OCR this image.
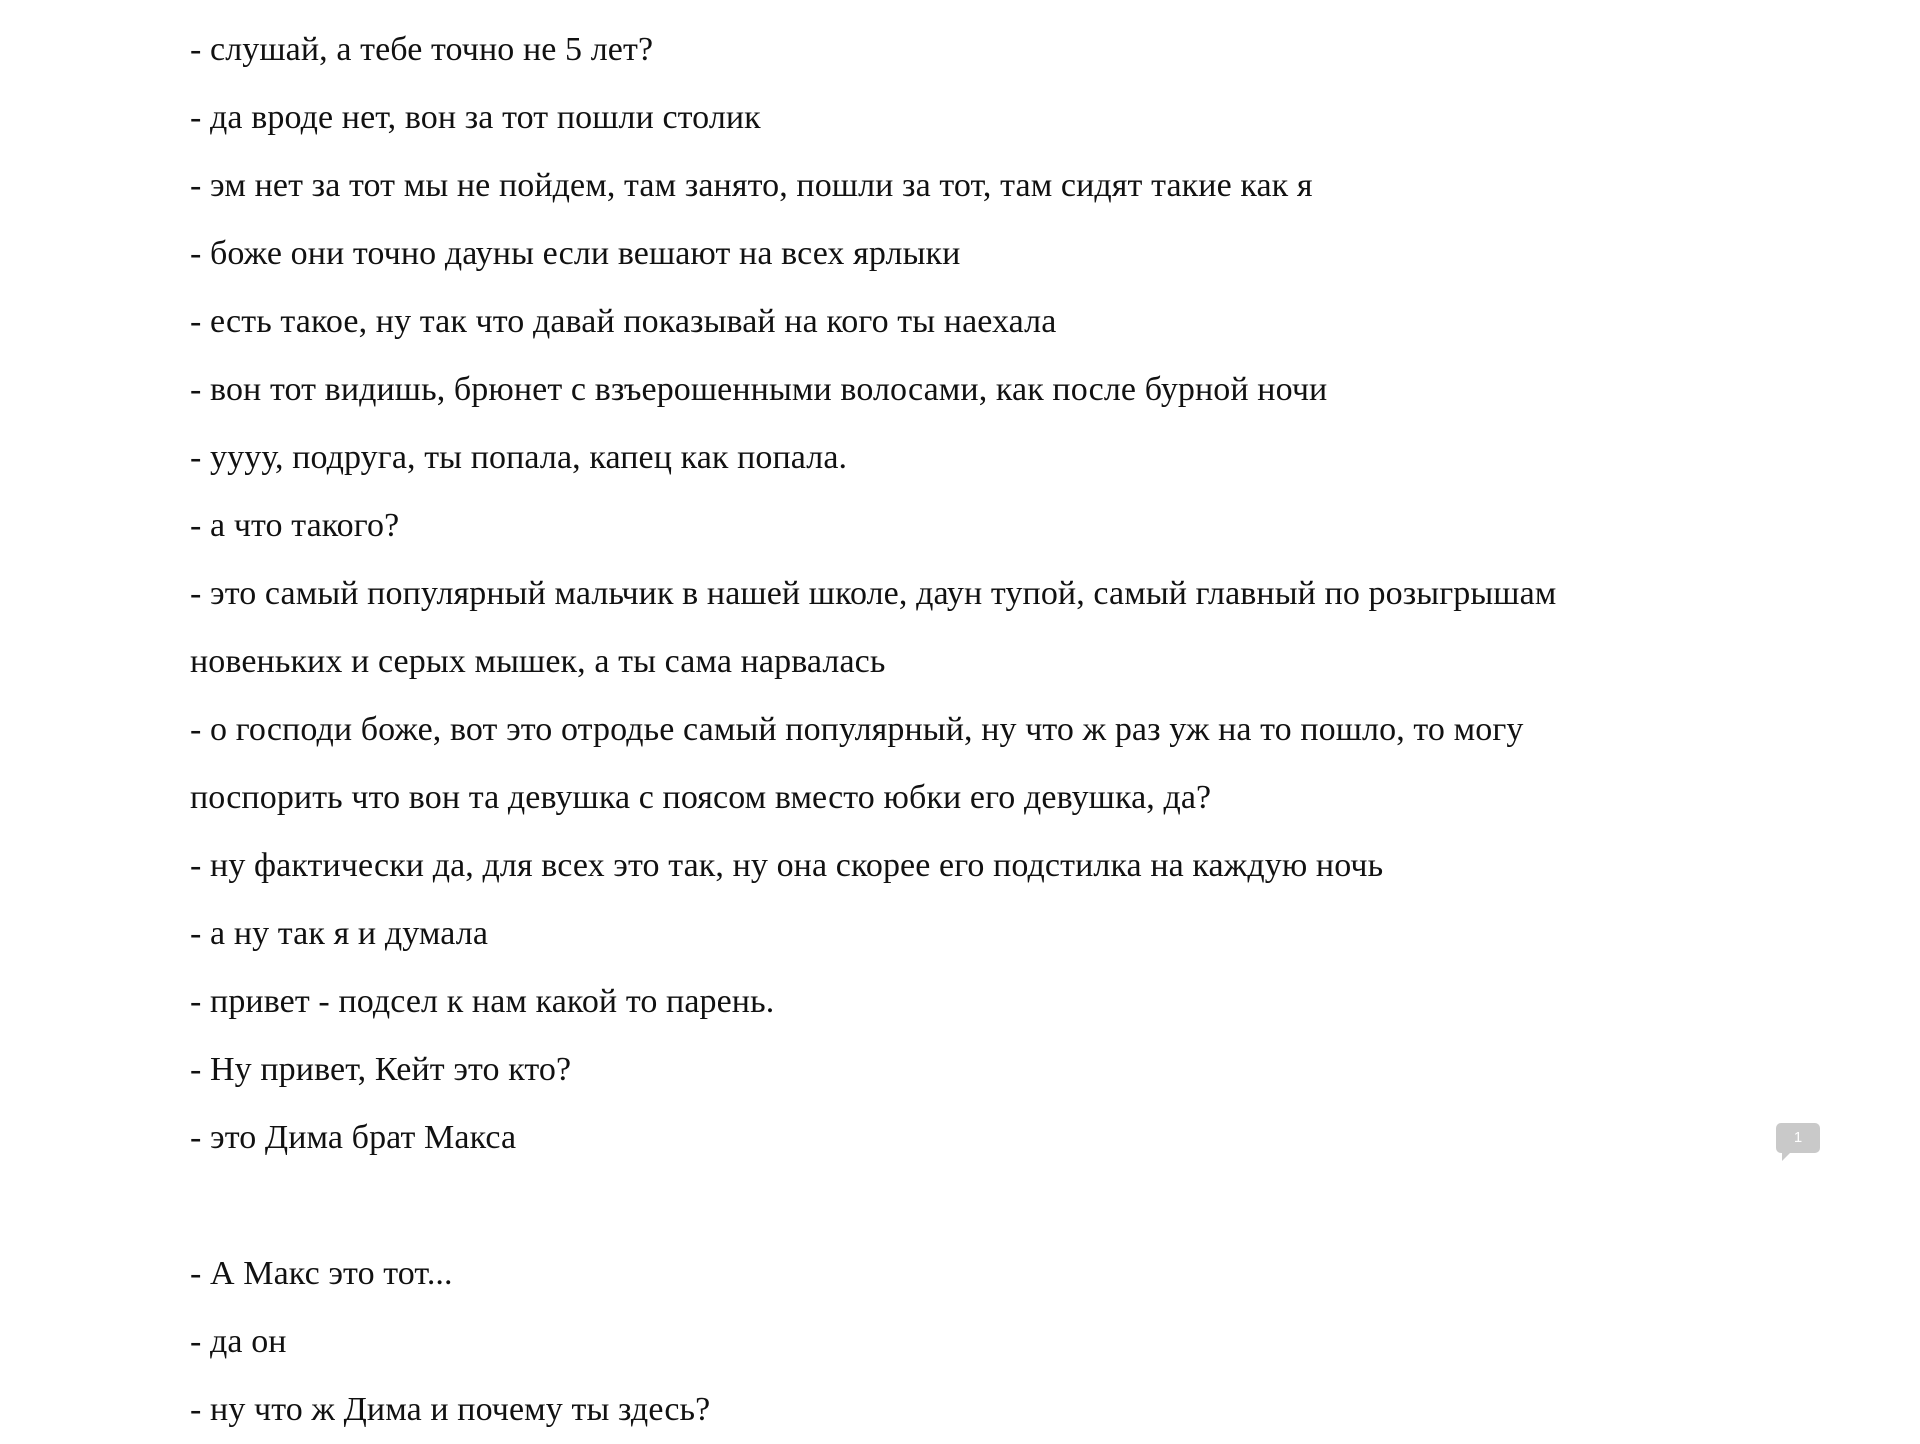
- слушай, а тебе точно не 5 лет?
- да вроде нет, вон за тот пошли столик
- эм нет за тот мы не пойдем, там занято, пошли за тот, там сидят такие как я
- боже они точно дауны если вешают на всех ярлыки
- есть такое, ну так что давай показывай на кого ты наехала
- вон тот видишь, брюнет с взъерошенными волосами, как после бурной ночи
- уууу, подруга, ты попала, капец как попала.
- а что такого?
- это самый популярный мальчик в нашей школе, даун тупой, самый главный по розыгрышам
новеньких и серых мышек, а ты сама нарвалась
- о господи боже, вот это отродье самый популярный, ну что ж раз уж на то пошло, то могу
поспорить что вон та девушка с поясом вместо юбки его девушка, да?
- ну фактически да, для всех это так, ну она скорее его подстилка на каждую ночь
- а ну так я и думала
- привет - подсел к нам какой то парень.
- Ну привет, Кейт это кто?
- это Дима брат Макса
- А Макс это тот...
- да он
- ну что ж Дима и почему ты здесь?
1
